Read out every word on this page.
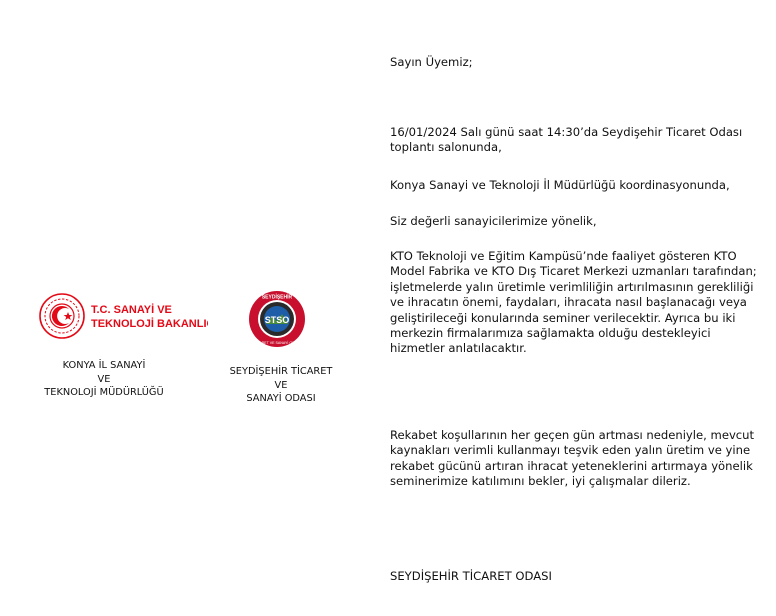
T.C. SANAYİ VE
TEKNOLOJİ BAKANLIĞI	STSO
SEYDİŞEHİR
TİCARET VE SANAYİ ODASI
KONYA İL SANAYİ
VE
TEKNOLOJİ MÜDÜRLÜĞÜ
SEYDİŞEHİR TİCARET
VE
SANAYİ ODASI

Sayın Üyemiz;

16/01/2024 Salı günü saat 14:30’da Seydişehir Ticaret Odası toplantı salonunda,

Konya Sanayi ve Teknoloji İl Müdürlüğü koordinasyonunda,

Siz değerli sanayicilerimize yönelik,

KTO Teknoloji ve Eğitim Kampüsü’nde faaliyet gösteren KTO Model Fabrika ve KTO Dış Ticaret Merkezi uzmanları tarafından; işletmelerde yalın üretimle verimliliğin artırılmasının gerekliliği ve ihracatın önemi, faydaları, ihracata nasıl başlanacağı veya geliştirileceği konularında seminer verilecektir. Ayrıca bu iki merkezin firmalarımıza sağlamakta olduğu destekleyici hizmetler anlatılacaktır.

Rekabet koşullarının her geçen gün artması nedeniyle, mevcut kaynakları verimli kullanmayı teşvik eden yalın üretim ve yine rekabet gücünü artıran ihracat yeteneklerini artırmaya yönelik seminerimize katılımını bekler, iyi çalışmalar dileriz.

SEYDİŞEHİR TİCARET ODASI
